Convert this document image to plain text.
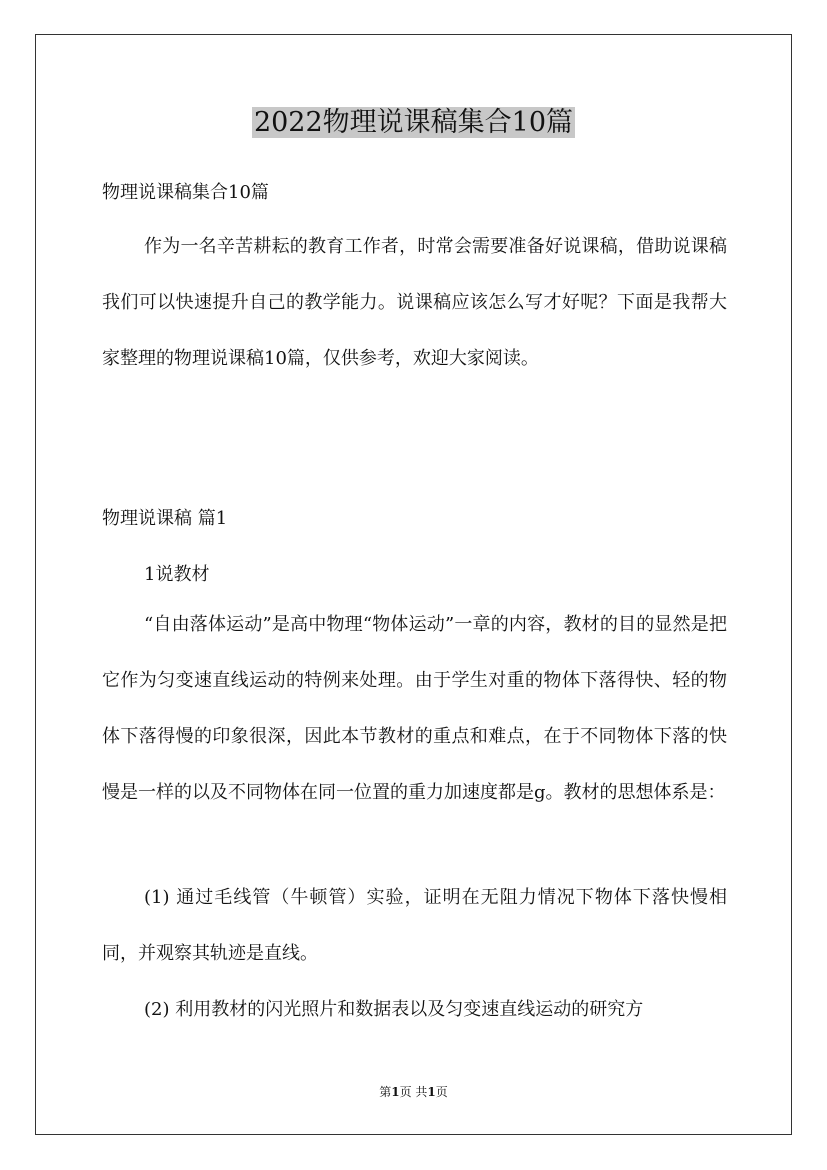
2022物理说课稿集合10篇
物理说课稿集合10篇

作为一名辛苦耕耘的教育工作者，时常会需要准备好说课稿，借助说课稿我们可以快速提升自己的教学能力。说课稿应该怎么写才好呢？下面是我帮大家整理的物理说课稿10篇，仅供参考，欢迎大家阅读。

物理说课稿 篇1
1说教材

“自由落体运动”是高中物理“物体运动”一章的内容，教材的目的显然是把它作为匀变速直线运动的特例来处理。由于学生对重的物体下落得快、轻的物体下落得慢的印象很深，因此本节教材的重点和难点，在于不同物体下落的快慢是一样的以及不同物体在同一位置的重力加速度都是g。教材的思想体系是：

(1) 通过毛线管（牛顿管）实验，证明在无阻力情况下物体下落快慢相同，并观察其轨迹是直线。

(2) 利用教材的闪光照片和数据表以及匀变速直线运动的研究方

第1页 共1页
